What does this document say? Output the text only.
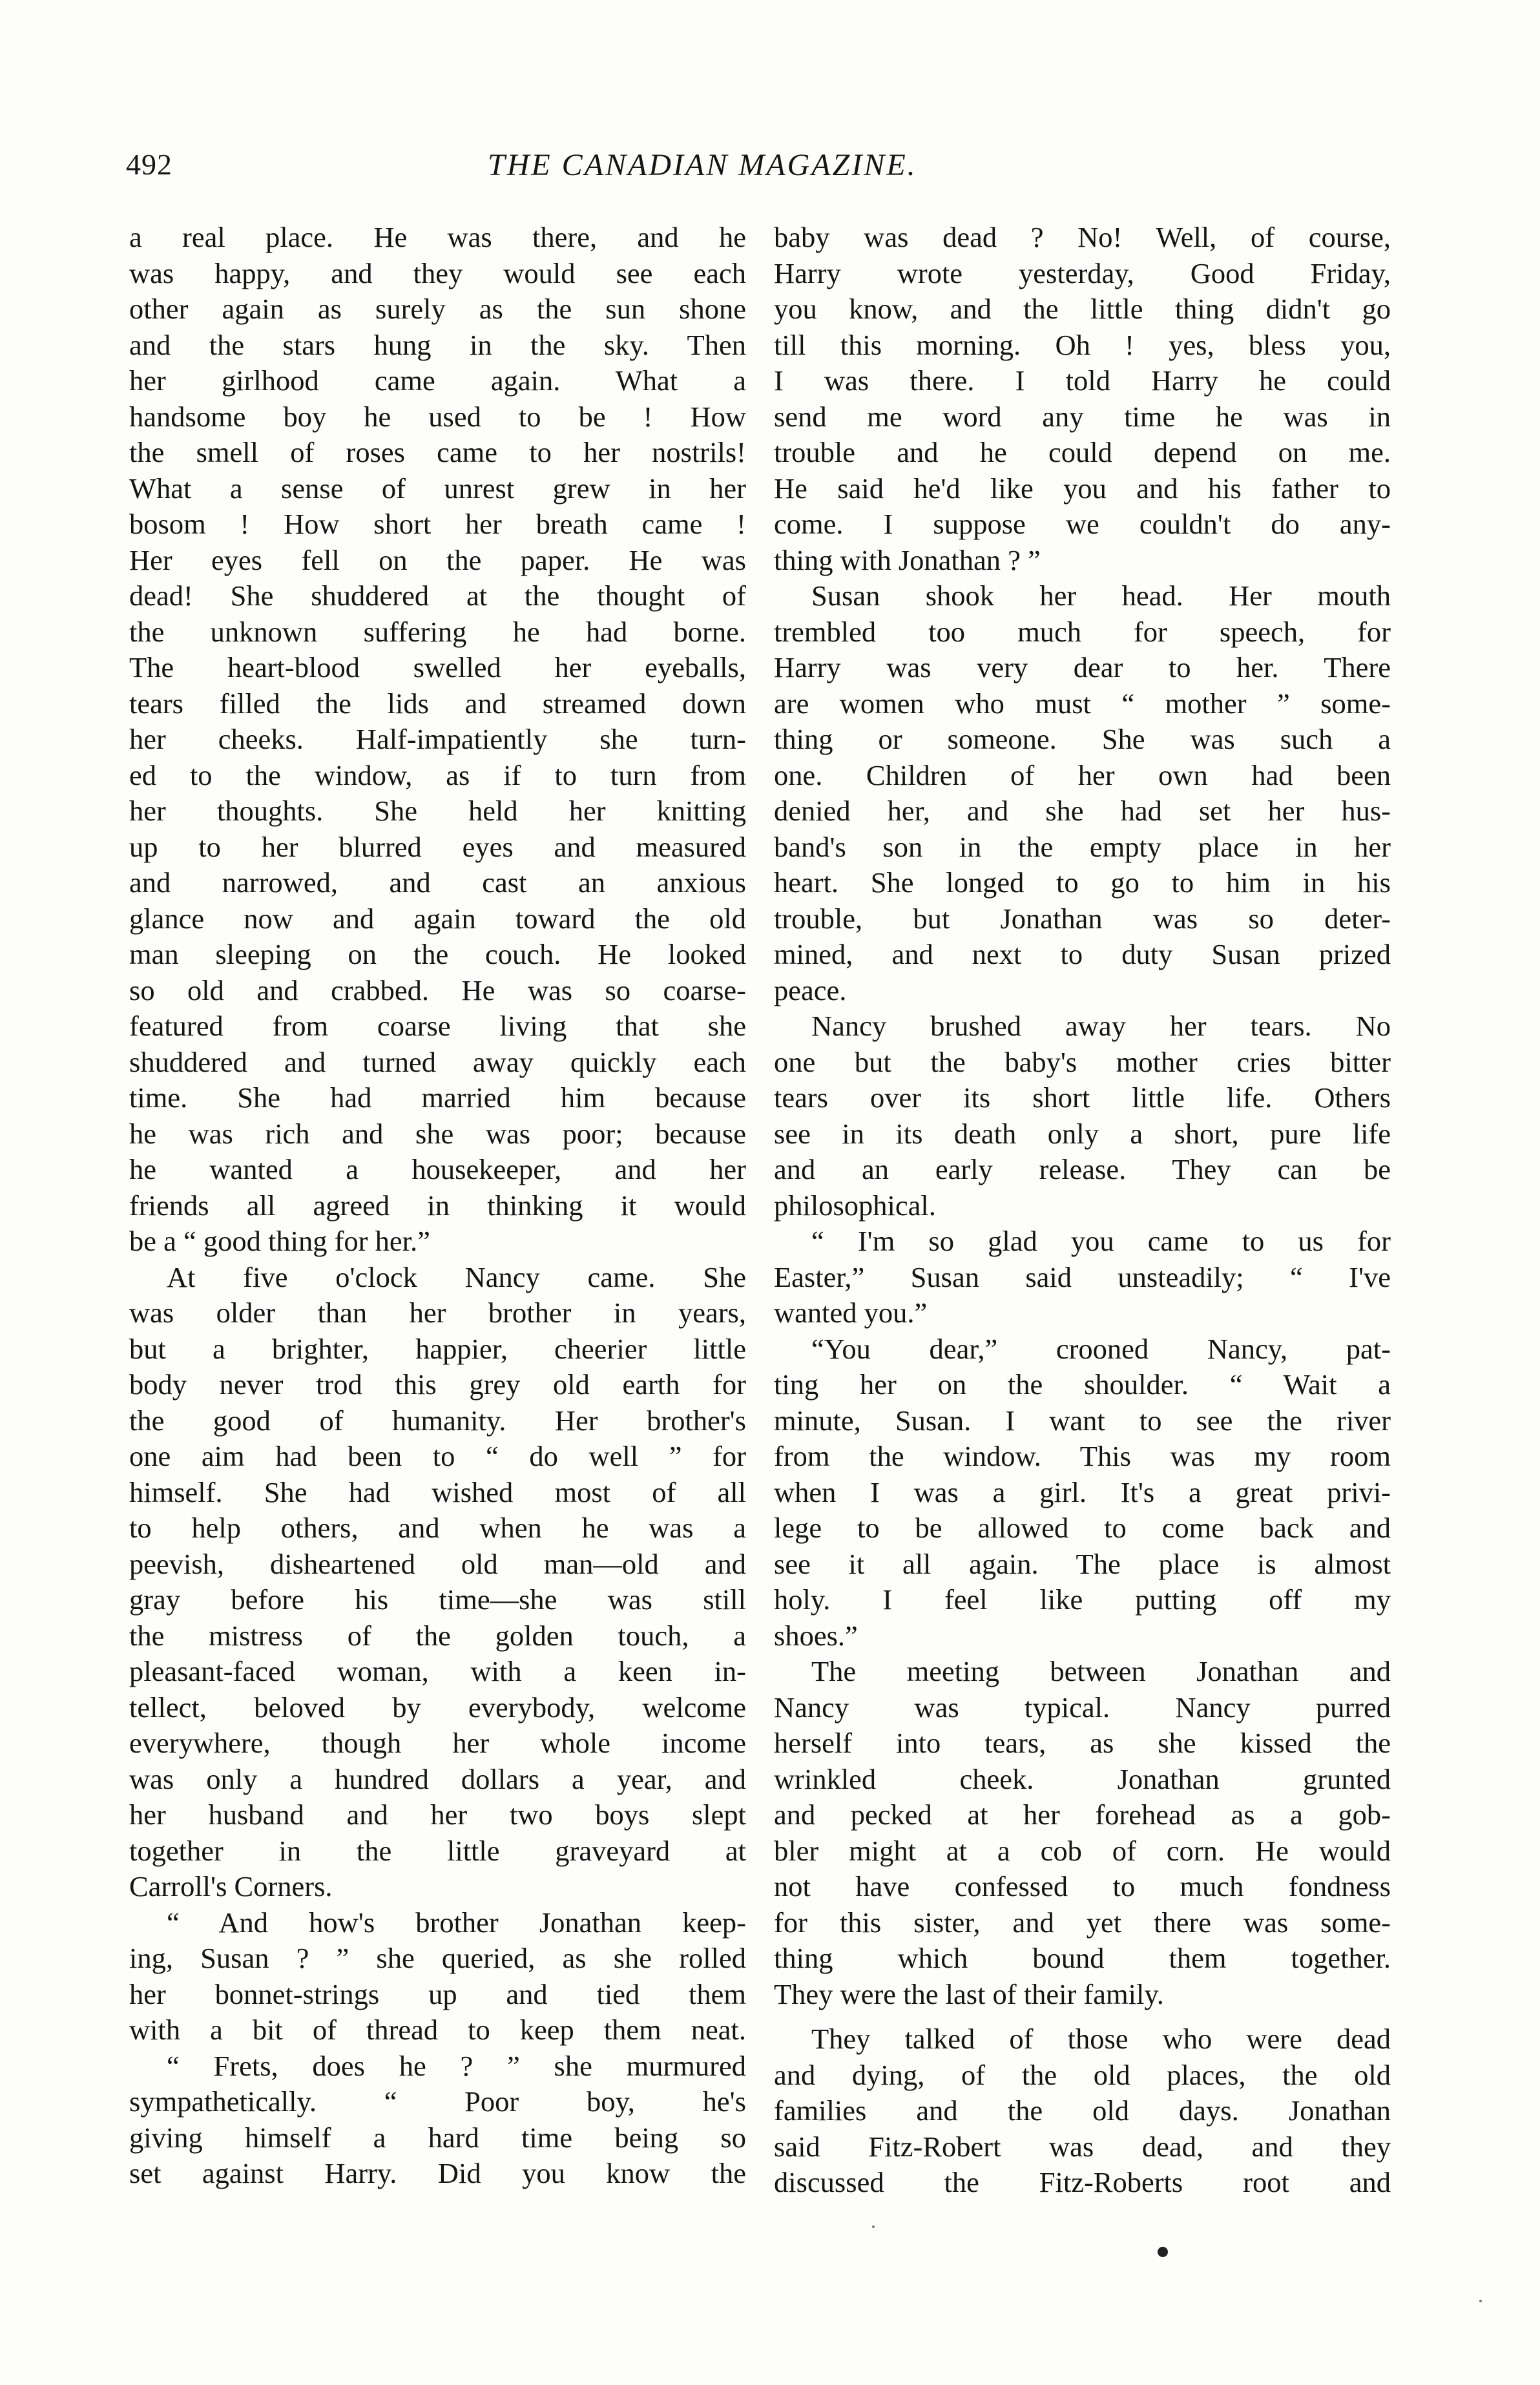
492	THE CANADIAN MAGAZINE.
a real place. He was there, and he
was happy, and they would see each
other again as surely as the sun shone
and the stars hung in the sky. Then
her girlhood came again. What a
handsome boy he used to be ! How
the smell of roses came to her nostrils!
What a sense of unrest grew in her
bosom ! How short her breath came !
Her eyes fell on the paper. He was
dead! She shuddered at the thought of
the unknown suffering he had borne.
The heart-blood swelled her eyeballs,
tears filled the lids and streamed down
her cheeks. Half-impatiently she turn-
ed to the window, as if to turn from
her thoughts. She held her knitting
up to her blurred eyes and measured
and narrowed, and cast an anxious
glance now and again toward the old
man sleeping on the couch. He looked
so old and crabbed. He was so coarse-
featured from coarse living that she
shuddered and turned away quickly each
time. She had married him because
he was rich and she was poor; because
he wanted a housekeeper, and her
friends all agreed in thinking it would
be a “ good thing for her.”
At five o'clock Nancy came. She
was older than her brother in years,
but a brighter, happier, cheerier little
body never trod this grey old earth for
the good of humanity. Her brother's
one aim had been to “ do well ” for
himself. She had wished most of all
to help others, and when he was a
peevish, disheartened old man—old and
gray before his time—she was still
the mistress of the golden touch, a
pleasant-faced woman, with a keen in-
tellect, beloved by everybody, welcome
everywhere, though her whole income
was only a hundred dollars a year, and
her husband and her two boys slept
together in the little graveyard at
Carroll's Corners.
“ And how's brother Jonathan keep-
ing, Susan ? ” she queried, as she rolled
her bonnet-strings up and tied them
with a bit of thread to keep them neat.
“ Frets, does he ? ” she murmured
sympathetically. “ Poor boy, he's
giving himself a hard time being so
set against Harry. Did you know the
baby was dead ? No! Well, of course,
Harry wrote yesterday, Good Friday,
you know, and the little thing didn't go
till this morning. Oh ! yes, bless you,
I was there. I told Harry he could
send me word any time he was in
trouble and he could depend on me.
He said he'd like you and his father to
come. I suppose we couldn't do any-
thing with Jonathan ? ”
Susan shook her head. Her mouth
trembled too much for speech, for
Harry was very dear to her. There
are women who must “ mother ” some-
thing or someone. She was such a
one. Children of her own had been
denied her, and she had set her hus-
band's son in the empty place in her
heart. She longed to go to him in his
trouble, but Jonathan was so deter-
mined, and next to duty Susan prized
peace.
Nancy brushed away her tears. No
one but the baby's mother cries bitter
tears over its short little life. Others
see in its death only a short, pure life
and an early release. They can be
philosophical.
“ I'm so glad you came to us for
Easter,” Susan said unsteadily; “ I've
wanted you.”
“You dear,” crooned Nancy, pat-
ting her on the shoulder. “ Wait a
minute, Susan. I want to see the river
from the window. This was my room
when I was a girl. It's a great privi-
lege to be allowed to come back and
see it all again. The place is almost
holy. I feel like putting off my
shoes.”
The meeting between Jonathan and
Nancy was typical. Nancy purred
herself into tears, as she kissed the
wrinkled cheek. Jonathan grunted
and pecked at her forehead as a gob-
bler might at a cob of corn. He would
not have confessed to much fondness
for this sister, and yet there was some-
thing which bound them together.
They were the last of their family.
They talked of those who were dead
and dying, of the old places, the old
families and the old days. Jonathan
said Fitz-Robert was dead, and they
discussed the Fitz-Roberts root and
